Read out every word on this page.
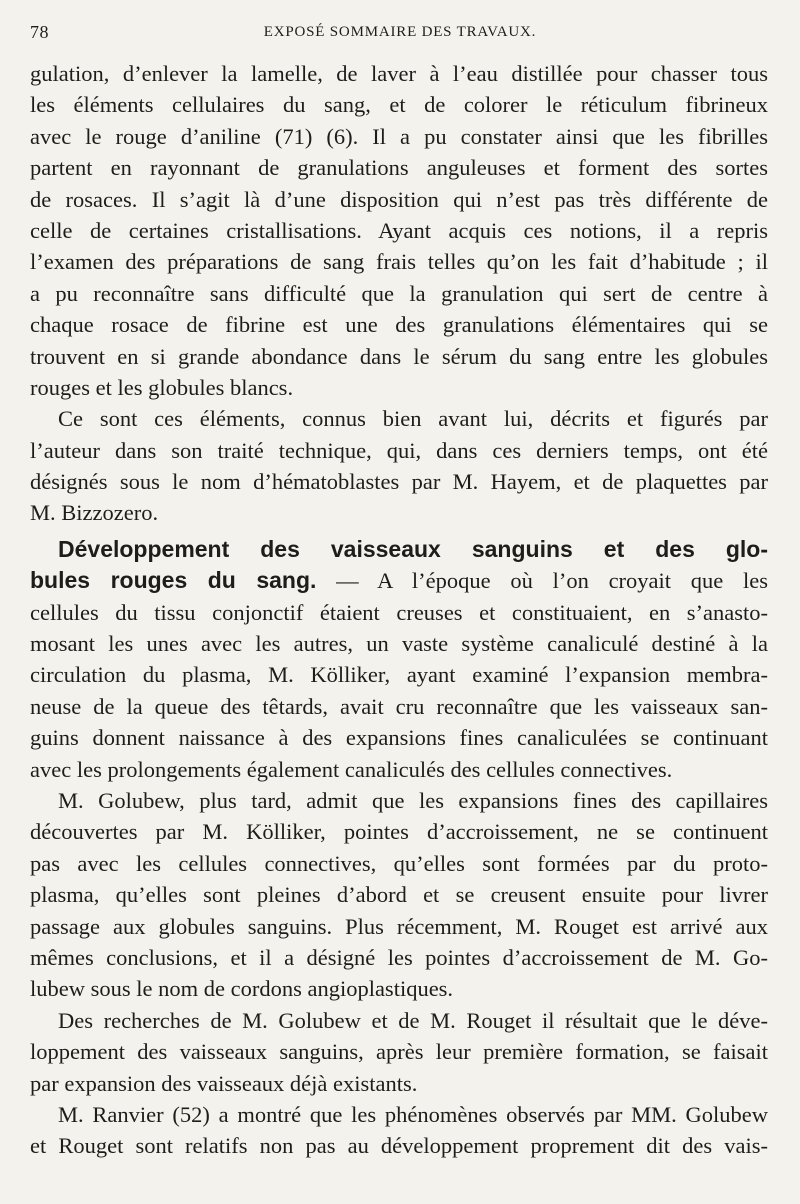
78	EXPOSÉ SOMMAIRE DES TRAVAUX.
gulation, d’enlever la lamelle, de laver à l’eau distillée pour chasser tous
les éléments cellulaires du sang, et de colorer le réticulum fibrineux
avec le rouge d’aniline (71) (6). Il a pu constater ainsi que les fibrilles
partent en rayonnant de granulations anguleuses et forment des sortes
de rosaces. Il s’agit là d’une disposition qui n’est pas très différente de
celle de certaines cristallisations. Ayant acquis ces notions, il a repris
l’examen des préparations de sang frais telles qu’on les fait d’habitude ; il
a pu reconnaître sans difficulté que la granulation qui sert de centre à
chaque rosace de fibrine est une des granulations élémentaires qui se
trouvent en si grande abondance dans le sérum du sang entre les globules
rouges et les globules blancs.
Ce sont ces éléments, connus bien avant lui, décrits et figurés par
l’auteur dans son traité technique, qui, dans ces derniers temps, ont été
désignés sous le nom d’hématoblastes par M. Hayem, et de plaquettes par
M. Bizzozero.
Développement des vaisseaux sanguins et des glo-
bules rouges du sang. — A l’époque où l’on croyait que les
cellules du tissu conjonctif étaient creuses et constituaient, en s’anasto-
mosant les unes avec les autres, un vaste système canaliculé destiné à la
circulation du plasma, M. Kölliker, ayant examiné l’expansion membra-
neuse de la queue des têtards, avait cru reconnaître que les vaisseaux san-
guins donnent naissance à des expansions fines canaliculées se continuant
avec les prolongements également canaliculés des cellules connectives.
M. Golubew, plus tard, admit que les expansions fines des capillaires
découvertes par M. Kölliker, pointes d’accroissement, ne se continuent
pas avec les cellules connectives, qu’elles sont formées par du proto-
plasma, qu’elles sont pleines d’abord et se creusent ensuite pour livrer
passage aux globules sanguins. Plus récemment, M. Rouget est arrivé aux
mêmes conclusions, et il a désigné les pointes d’accroissement de M. Go-
lubew sous le nom de cordons angioplastiques.
Des recherches de M. Golubew et de M. Rouget il résultait que le déve-
loppement des vaisseaux sanguins, après leur première formation, se faisait
par expansion des vaisseaux déjà existants.
M. Ranvier (52) a montré que les phénomènes observés par MM. Golubew
et Rouget sont relatifs non pas au développement proprement dit des vais-
